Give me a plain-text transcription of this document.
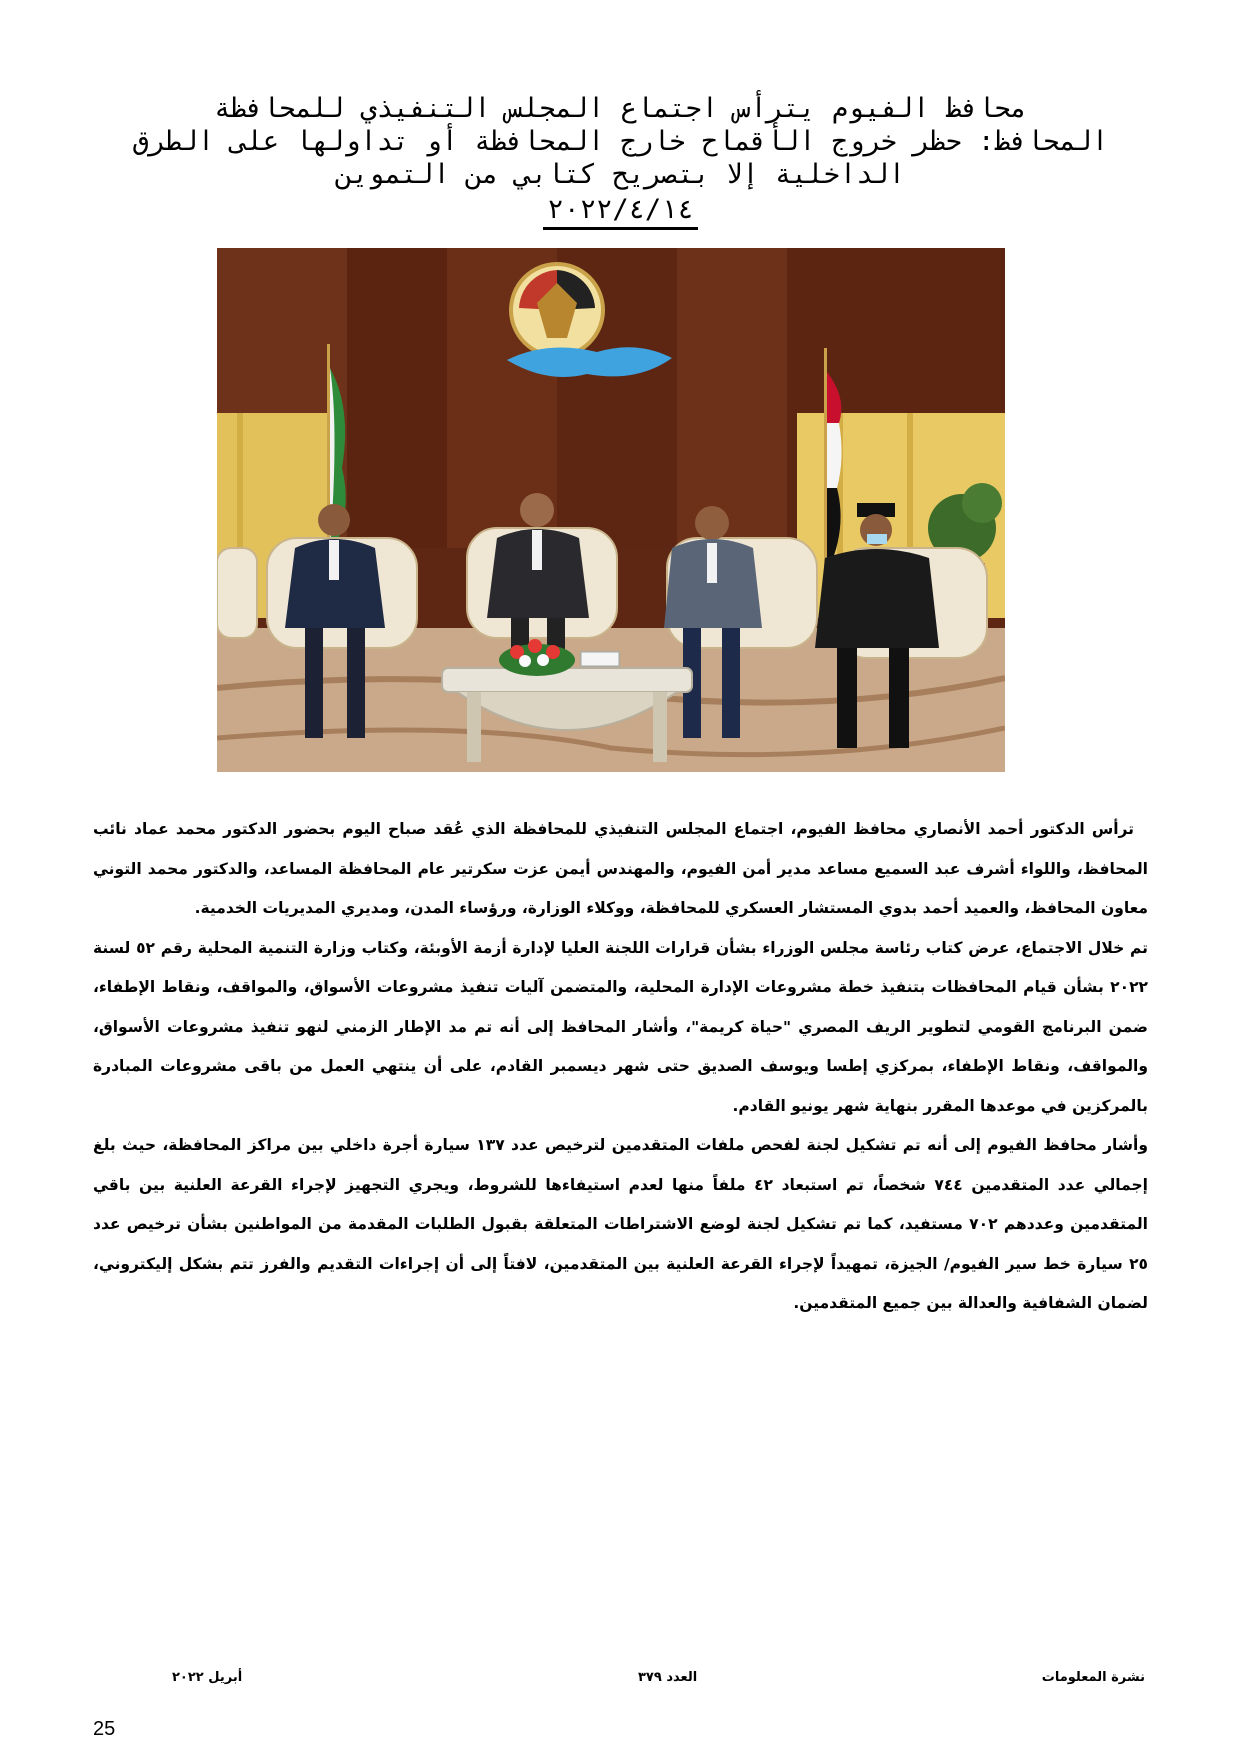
محافظ الفيوم يترأس اجتماع المجلس التنفيذي للمحافظة
المحافظ: حظر خروج الأقماح خارج المحافظة أو تداولها على الطرق
الداخلية إلا بتصريح كتابي من التموين
٢٠٢٢/٤/١٤

ترأس الدكتور أحمد الأنصاري محافظ الفيوم، اجتماع المجلس التنفيذي للمحافظة الذي عُقد صباح اليوم بحضور الدكتور محمد عماد نائب المحافظ، واللواء أشرف عبد السميع مساعد مدير أمن الفيوم، والمهندس أيمن عزت سكرتير عام المحافظة المساعد، والدكتور محمد التوني معاون المحافظ، والعميد أحمد بدوي المستشار العسكري للمحافظة، ووكلاء الوزارة، ورؤساء المدن، ومديري المديريات الخدمية.

تم خلال الاجتماع، عرض كتاب رئاسة مجلس الوزراء بشأن قرارات اللجنة العليا لإدارة أزمة الأوبئة، وكتاب وزارة التنمية المحلية رقم ٥٢ لسنة ٢٠٢٢ بشأن قيام المحافظات بتنفيذ خطة مشروعات الإدارة المحلية، والمتضمن آليات تنفيذ مشروعات الأسواق، والمواقف، ونقاط الإطفاء، ضمن البرنامج القومي لتطوير الريف المصري "حياة كريمة"، وأشار المحافظ إلى أنه تم مد الإطار الزمني لنهو تنفيذ مشروعات الأسواق، والمواقف، ونقاط الإطفاء، بمركزي إطسا ويوسف الصديق حتى شهر ديسمبر القادم، على أن ينتهي العمل من باقى مشروعات المبادرة بالمركزين في موعدها المقرر بنهاية شهر يونيو القادم.

وأشار محافظ الفيوم إلى أنه تم تشكيل لجنة لفحص ملفات المتقدمين لترخيص عدد ١٣٧ سيارة أجرة داخلي بين مراكز المحافظة، حيث بلغ إجمالي عدد المتقدمين ٧٤٤ شخصاً، تم استبعاد ٤٢ ملفاً منها لعدم استيفاءها للشروط، ويجري التجهيز لإجراء القرعة العلنية بين باقي المتقدمين وعددهم ٧٠٢ مستفيد، كما تم تشكيل لجنة لوضع الاشتراطات المتعلقة بقبول الطلبات المقدمة من المواطنين بشأن ترخيص عدد ٢٥ سيارة خط سير الفيوم/ الجيزة، تمهيداً لإجراء القرعة العلنية بين المتقدمين، لافتاً إلى أن إجراءات التقديم والفرز تتم بشكل إليكتروني، لضمان الشفافية والعدالة بين جميع المتقدمين.

نشرة المعلومات
العدد ٣٧٩
أبريل ٢٠٢٢
25
